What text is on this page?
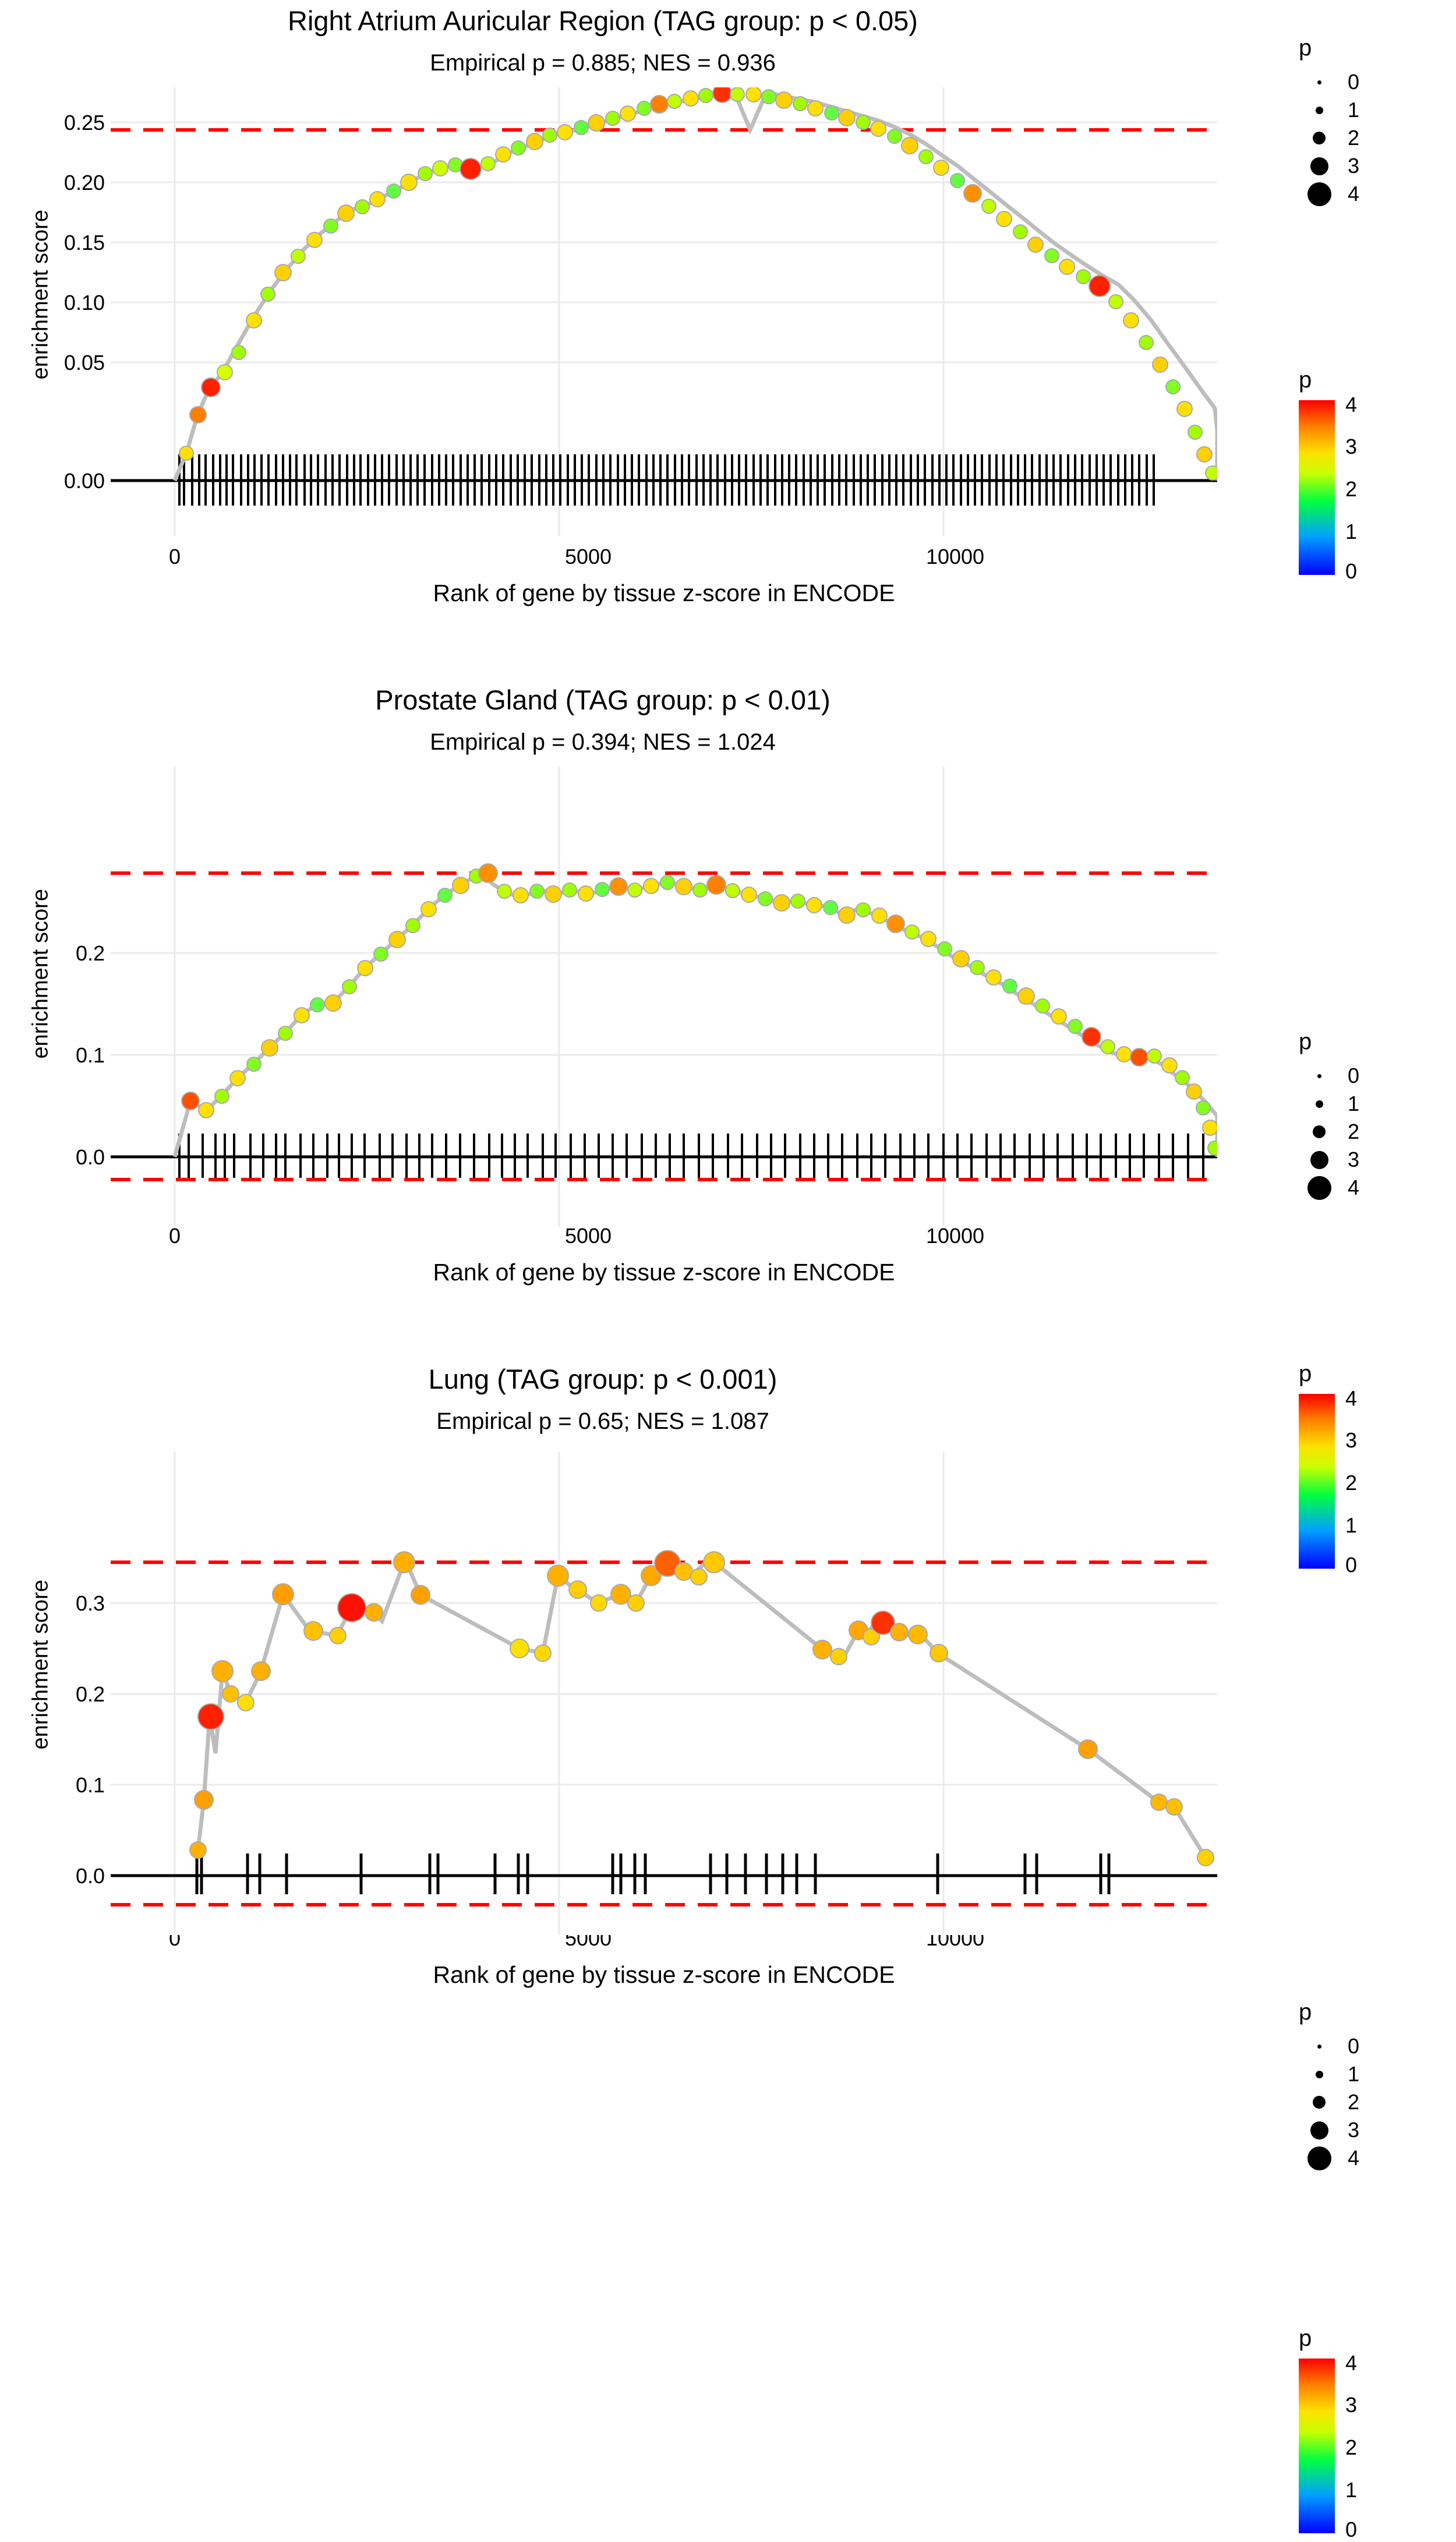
Right Atrium Auricular Region (TAG group: p < 0.05)
Empirical p = 0.885; NES = 0.936
enrichment score
0.25
0.20
0.15
0.10
0.05
0.00
0	5000	10000
Rank of gene by tissue z-score in ENCODE
p
0
1
2
3
4
p
4
3
2
1
0
Prostate Gland (TAG group: p < 0.01)
Empirical p = 0.394; NES = 1.024
enrichment score	0.2
0.1
0.0
0	5000	10000
Rank of gene by tissue z-score in ENCODE
p
0
1
2
3
4
p
4
3
2
1
0
Lung (TAG group: p < 0.001)
Empirical p = 0.65; NES = 1.087
enrichment score	0.3
0.2
0.1
0.0
0	5000	10000
Rank of gene by tissue z-score in ENCODE
p
0
1
2
3
4
p
4
3
2
1
0
